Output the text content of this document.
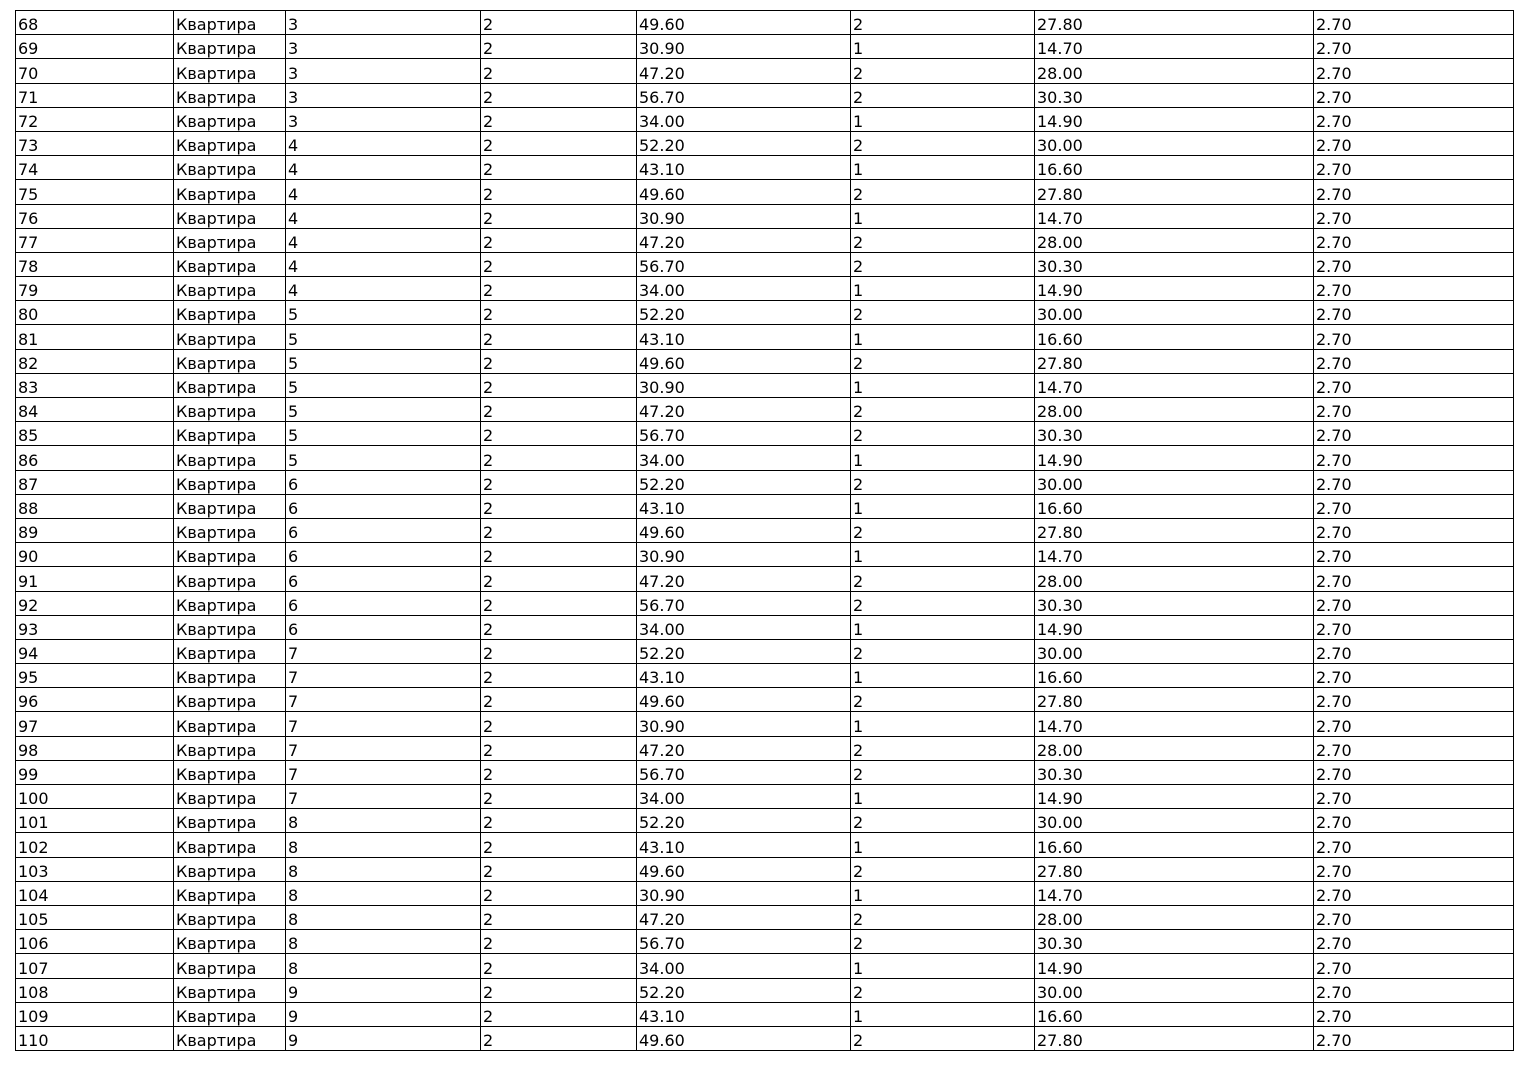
68	Квартира	3	2	49.60	2	27.80	2.70

69	Квартира	3	2	30.90	1	14.70	2.70

70	Квартира	3	2	47.20	2	28.00	2.70

71	Квартира	3	2	56.70	2	30.30	2.70

72	Квартира	3	2	34.00	1	14.90	2.70

73	Квартира	4	2	52.20	2	30.00	2.70

74	Квартира	4	2	43.10	1	16.60	2.70

75	Квартира	4	2	49.60	2	27.80	2.70

76	Квартира	4	2	30.90	1	14.70	2.70

77	Квартира	4	2	47.20	2	28.00	2.70

78	Квартира	4	2	56.70	2	30.30	2.70

79	Квартира	4	2	34.00	1	14.90	2.70

80	Квартира	5	2	52.20	2	30.00	2.70

81	Квартира	5	2	43.10	1	16.60	2.70

82	Квартира	5	2	49.60	2	27.80	2.70

83	Квартира	5	2	30.90	1	14.70	2.70

84	Квартира	5	2	47.20	2	28.00	2.70

85	Квартира	5	2	56.70	2	30.30	2.70

86	Квартира	5	2	34.00	1	14.90	2.70

87	Квартира	6	2	52.20	2	30.00	2.70

88	Квартира	6	2	43.10	1	16.60	2.70

89	Квартира	6	2	49.60	2	27.80	2.70

90	Квартира	6	2	30.90	1	14.70	2.70

91	Квартира	6	2	47.20	2	28.00	2.70

92	Квартира	6	2	56.70	2	30.30	2.70

93	Квартира	6	2	34.00	1	14.90	2.70

94	Квартира	7	2	52.20	2	30.00	2.70

95	Квартира	7	2	43.10	1	16.60	2.70

96	Квартира	7	2	49.60	2	27.80	2.70

97	Квартира	7	2	30.90	1	14.70	2.70

98	Квартира	7	2	47.20	2	28.00	2.70

99	Квартира	7	2	56.70	2	30.30	2.70

100	Квартира	7	2	34.00	1	14.90	2.70

101	Квартира	8	2	52.20	2	30.00	2.70

102	Квартира	8	2	43.10	1	16.60	2.70

103	Квартира	8	2	49.60	2	27.80	2.70

104	Квартира	8	2	30.90	1	14.70	2.70

105	Квартира	8	2	47.20	2	28.00	2.70

106	Квартира	8	2	56.70	2	30.30	2.70

107	Квартира	8	2	34.00	1	14.90	2.70

108	Квартира	9	2	52.20	2	30.00	2.70

109	Квартира	9	2	43.10	1	16.60	2.70

110	Квартира	9	2	49.60	2	27.80	2.70
